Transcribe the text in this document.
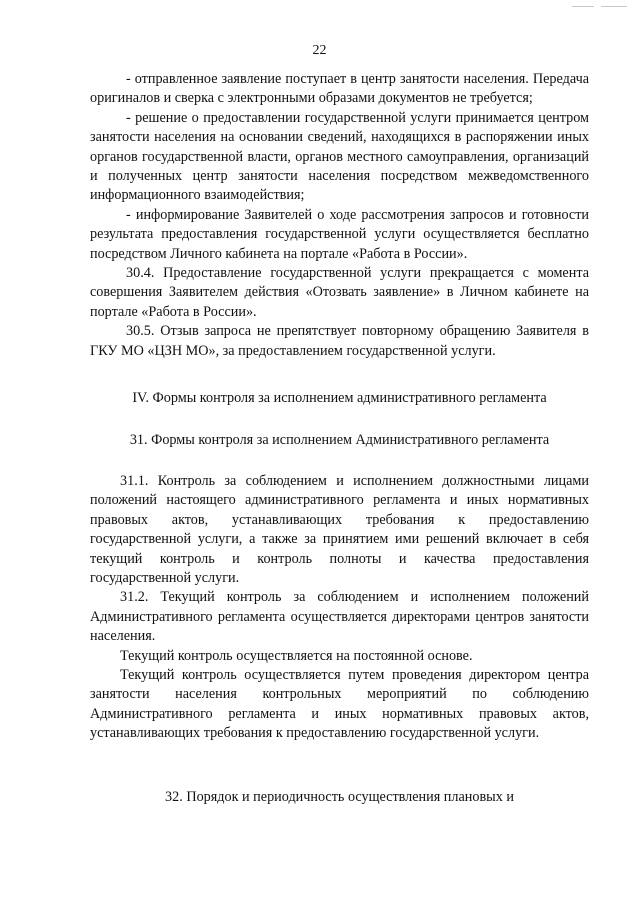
22

- отправленное заявление поступает в центр занятости населения. Передача оригиналов и сверка с электронными образами документов не требуется;

- решение о предоставлении государственной услуги принимается центром занятости населения на основании сведений, находящихся в распоряжении иных органов государственной власти, органов местного самоуправления, организаций и полученных центр занятости населения посредством межведомственного информационного взаимодействия;

- информирование Заявителей о ходе рассмотрения запросов и готовности результата предоставления государственной услуги осуществляется бесплатно посредством Личного кабинета на портале «Работа в России».

30.4. Предоставление государственной услуги прекращается с момента совершения Заявителем действия «Отозвать заявление» в Личном кабинете на портале «Работа в России».

30.5. Отзыв запроса не препятствует повторному обращению Заявителя в ГКУ МО «ЦЗН МО», за предоставлением государственной услуги.

IV. Формы контроля за исполнением административного регламента

31. Формы контроля за исполнением Административного регламента

31.1. Контроль за соблюдением и исполнением должностными лицами положений настоящего административного регламента и иных нормативных правовых актов, устанавливающих требования к предоставлению государственной услуги, а также за принятием ими решений включает в себя текущий контроль и контроль полноты и качества предоставления государственной услуги.

31.2. Текущий контроль за соблюдением и исполнением положений Административного регламента осуществляется директорами центров занятости населения.

Текущий контроль осуществляется на постоянной основе.

Текущий контроль осуществляется путем проведения директором центра занятости населения контрольных мероприятий по соблюдению Административного регламента и иных нормативных правовых актов, устанавливающих требования к предоставлению государственной услуги.

32. Порядок и периодичность осуществления плановых и
